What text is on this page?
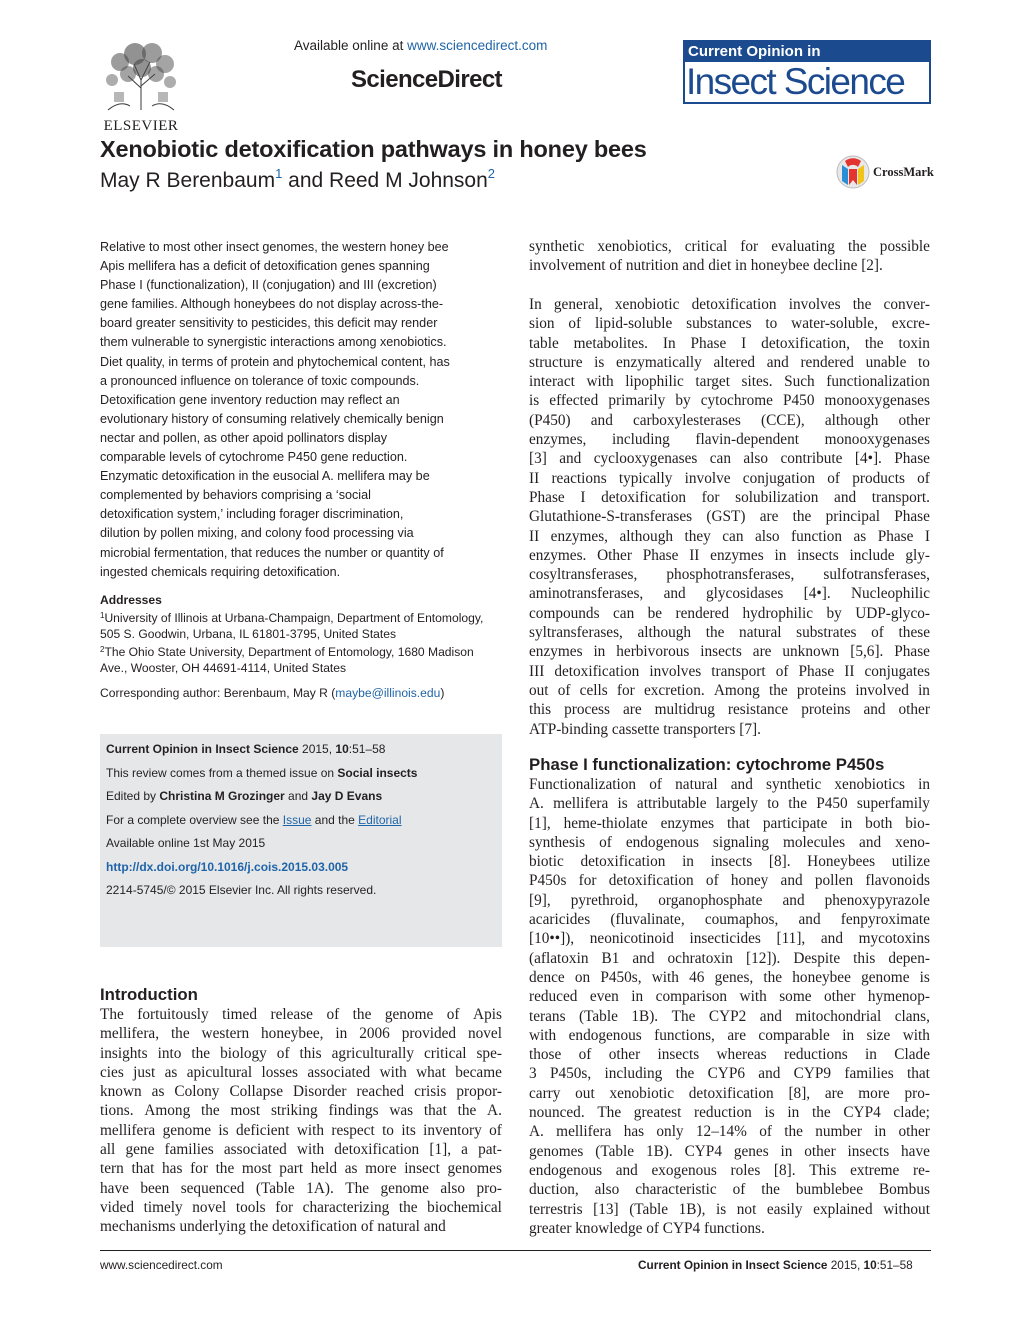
ELSEVIER
Available online at www.sciencedirect.com
ScienceDirect
Current Opinion in
Insect Science
Xenobiotic detoxification pathways in honey bees
May R Berenbaum$^1$ and Reed M Johnson$^2$	CrossMark

Relative to most other insect genomes, the western honey bee

Apis mellifera has a deficit of detoxification genes spanning

Phase I (functionalization), II (conjugation) and III (excretion)

gene families. Although honeybees do not display across-the-

board greater sensitivity to pesticides, this deficit may render

them vulnerable to synergistic interactions among xenobiotics.

Diet quality, in terms of protein and phytochemical content, has

a pronounced influence on tolerance of toxic compounds.

Detoxification gene inventory reduction may reflect an

evolutionary history of consuming relatively chemically benign

nectar and pollen, as other apoid pollinators display

comparable levels of cytochrome P450 gene reduction.

Enzymatic detoxification in the eusocial A. mellifera may be

complemented by behaviors comprising a ‘social

detoxification system,’ including forager discrimination,

dilution by pollen mixing, and colony food processing via

microbial fermentation, that reduces the number or quantity of

ingested chemicals requiring detoxification.

Addresses
$^1$University of Illinois at Urbana-Champaign, Department of Entomology,
505 S. Goodwin, Urbana, IL 61801-3795, United States
$^2$The Ohio State University, Department of Entomology, 1680 Madison
Ave., Wooster, OH 44691-4114, United States
Corresponding author: Berenbaum, May R (maybe@illinois.edu)
Current Opinion in Insect Science 2015, 10:51–58
This review comes from a themed issue on Social insects
Edited by Christina M Grozinger and Jay D Evans
For a complete overview see the Issue and the Editorial
Available online 1st May 2015
http://dx.doi.org/10.1016/j.cois.2015.03.005
2214-5745/© 2015 Elsevier Inc. All rights reserved.
Introduction

The fortuitously timed release of the genome of Apis

mellifera, the western honeybee, in 2006 provided novel

insights into the biology of this agriculturally critical spe-

cies just as apicultural losses associated with what became

known as Colony Collapse Disorder reached crisis propor-

tions. Among the most striking findings was that the A.

mellifera genome is deficient with respect to its inventory of

all gene families associated with detoxification [1], a pat-

tern that has for the most part held as more insect genomes

have been sequenced (Table 1A). The genome also pro-

vided timely novel tools for characterizing the biochemical

mechanisms underlying the detoxification of natural and

synthetic xenobiotics, critical for evaluating the possible

involvement of nutrition and diet in honeybee decline [2].

In general, xenobiotic detoxification involves the conver-

sion of lipid-soluble substances to water-soluble, excre-

table metabolites. In Phase I detoxification, the toxin

structure is enzymatically altered and rendered unable to

interact with lipophilic target sites. Such functionalization

is effected primarily by cytochrome P450 monooxygenases

(P450) and carboxylesterases (CCE), although other

enzymes, including flavin-dependent monooxygenases

[3] and cyclooxygenases can also contribute [4•]. Phase

II reactions typically involve conjugation of products of

Phase I detoxification for solubilization and transport.

Glutathione-S-transferases (GST) are the principal Phase

II enzymes, although they can also function as Phase I

enzymes. Other Phase II enzymes in insects include gly-

cosyltransferases, phosphotransferases, sulfotransferases,

aminotransferases, and glycosidases [4•]. Nucleophilic

compounds can be rendered hydrophilic by UDP-glyco-

syltransferases, although the natural substrates of these

enzymes in herbivorous insects are unknown [5,6]. Phase

III detoxification involves transport of Phase II conjugates

out of cells for excretion. Among the proteins involved in

this process are multidrug resistance proteins and other

ATP-binding cassette transporters [7].

Phase I functionalization: cytochrome P450s

Functionalization of natural and synthetic xenobiotics in

A. mellifera is attributable largely to the P450 superfamily

[1], heme-thiolate enzymes that participate in both bio-

synthesis of endogenous signaling molecules and xeno-

biotic detoxification in insects [8]. Honeybees utilize

P450s for detoxification of honey and pollen flavonoids

[9], pyrethroid, organophosphate and phenoxypyrazole

acaricides (fluvalinate, coumaphos, and fenpyroximate

[10••]), neonicotinoid insecticides [11], and mycotoxins

(aflatoxin B1 and ochratoxin [12]). Despite this depen-

dence on P450s, with 46 genes, the honeybee genome is

reduced even in comparison with some other hymenop-

terans (Table 1B). The CYP2 and mitochondrial clans,

with endogenous functions, are comparable in size with

those of other insects whereas reductions in Clade

3 P450s, including the CYP6 and CYP9 families that

carry out xenobiotic detoxification [8], are more pro-

nounced. The greatest reduction is in the CYP4 clade;

A. mellifera has only 12–14% of the number in other

genomes (Table 1B). CYP4 genes in other insects have

endogenous and exogenous roles [8]. This extreme re-

duction, also characteristic of the bumblebee Bombus

terrestris [13] (Table 1B), is not easily explained without

greater knowledge of CYP4 functions.

www.sciencedirect.com	Current Opinion in Insect Science 2015, 10:51–58
